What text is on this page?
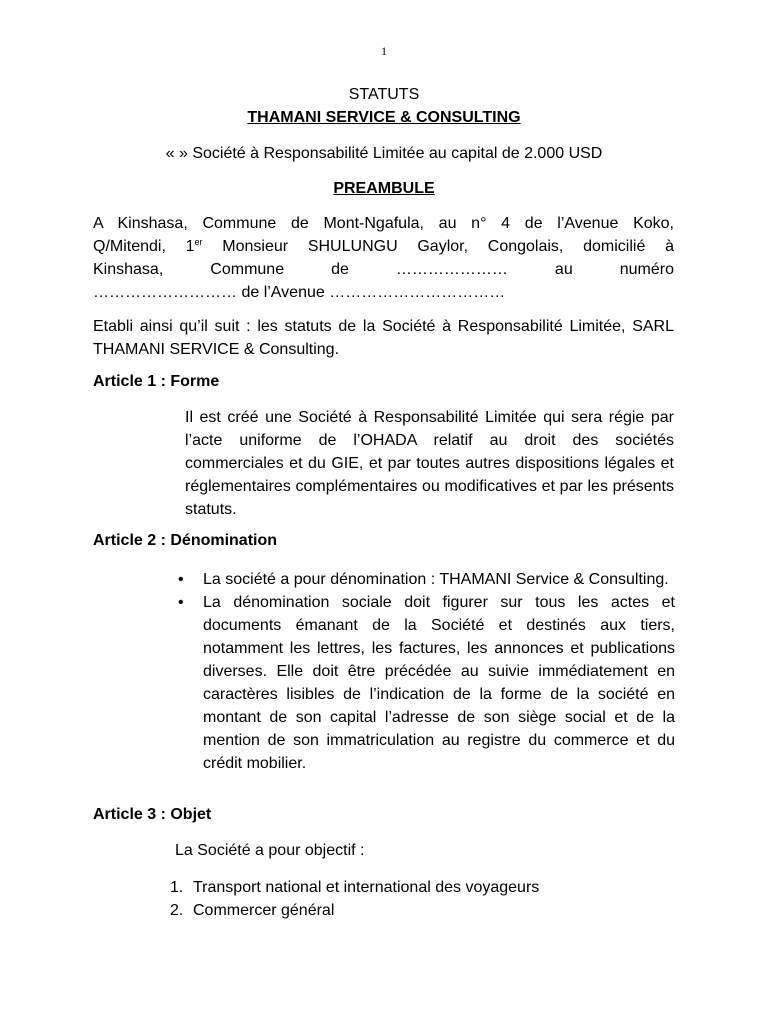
1
STATUTS
THAMANI SERVICE & CONSULTING
« » Société à Responsabilité Limitée au capital de 2.000 USD
PREAMBULE
A Kinshasa, Commune de Mont-Ngafula, au n° 4 de l’Avenue Koko,
Q/Mitendi, 1er Monsieur SHULUNGU Gaylor, Congolais, domicilié à
Kinshasa, Commune de ………………… au numéro
……………………… de l’Avenue ……………………………
Etabli ainsi qu’il suit : les statuts de la Société à Responsabilité Limitée, SARL THAMANI SERVICE & Consulting.
Article 1 : Forme
Il est créé une Société à Responsabilité Limitée qui sera régie par l’acte uniforme de l’OHADA relatif au droit des sociétés commerciales et du GIE, et par toutes autres dispositions légales et réglementaires complémentaires ou modificatives et par les présents statuts.
Article 2 : Dénomination
• La société a pour dénomination : THAMANI Service & Consulting.
• La dénomination sociale doit figurer sur tous les actes et documents émanant de la Société et destinés aux tiers, notamment les lettres, les factures, les annonces et publications diverses. Elle doit être précédée au suivie immédiatement en caractères lisibles de l’indication de la forme de la société en montant de son capital l’adresse de son siège social et de la mention de son immatriculation au registre du commerce et du crédit mobilier.
Article 3 : Objet
La Société a pour objectif :
1. Transport national et international des voyageurs
2. Commercer général
